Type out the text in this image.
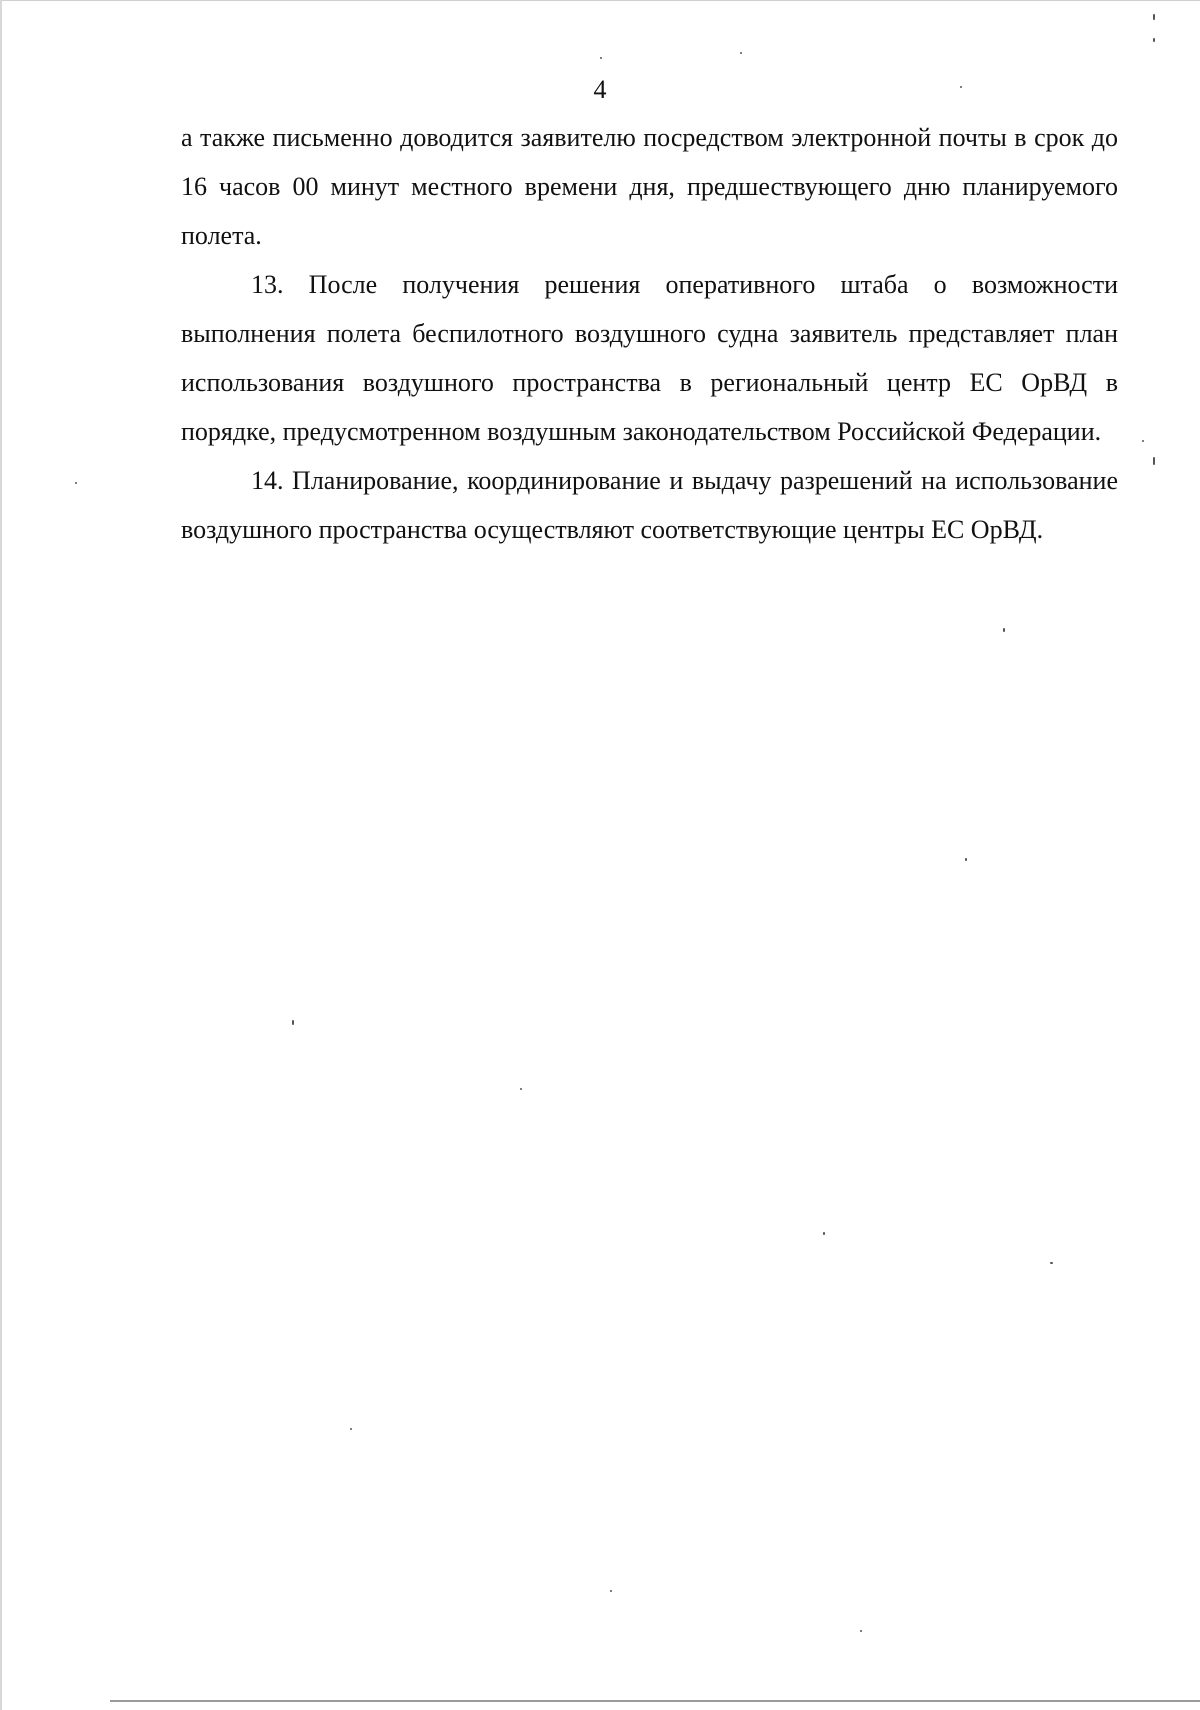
4

а также письменно доводится заявителю посредством электронной почты в срок до 16 часов 00 минут местного времени дня, предшествующего дню планируемого полета.

13. После получения решения оперативного штаба о возможности выполнения полета беспилотного воздушного судна заявитель представляет план использования воздушного пространства в региональный центр ЕС ОрВД в порядке, предусмотренном воздушным законодательством Российской Федерации.

14. Планирование, координирование и выдачу разрешений на использование воздушного пространства осуществляют соответствующие центры ЕС ОрВД.
